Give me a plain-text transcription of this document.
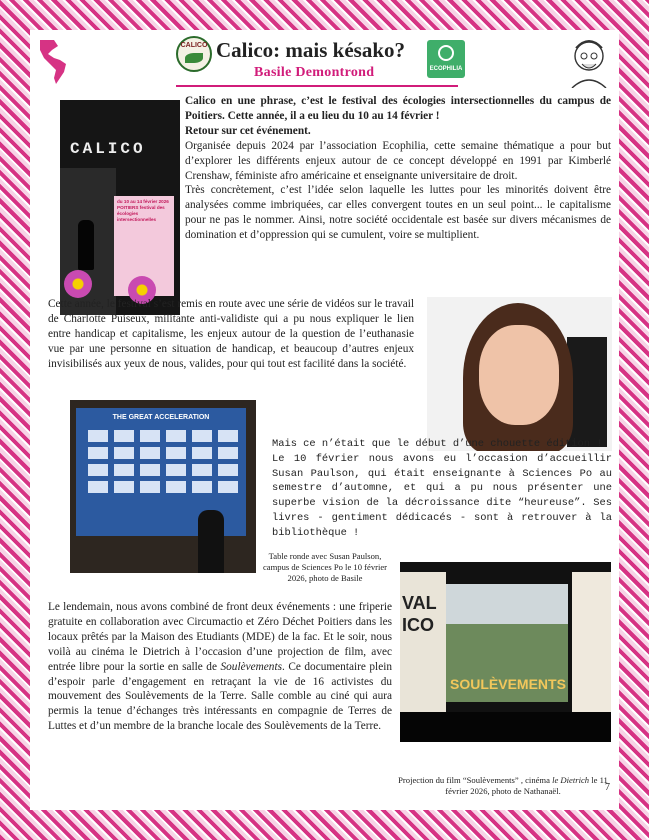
CALICO Calico: mais késako?
Basile Demontrond	ECOPHILIA
CALICO
du 10 au 14 février 2026 POITIERS festival des écologies intersectionnelles

Calico en une phrase, c’est le festival des écologies intersectionnelles du campus de Poitiers. Cette année, il a eu lieu du 10 au 14 février !

Retour sur cet événement.

Organisée depuis 2024 par l’association Ecophilia, cette semaine thématique a pour but d’explorer les différents enjeux autour de ce concept développé en 1991 par Kimberlé Crenshaw, féministe afro américaine et enseignante universitaire de droit.

Très concrètement, c’est l’idée selon laquelle les luttes pour les minorités doivent être analysées comme imbriquées, car elles convergent toutes en un seul point... le capitalisme pour ne pas le nommer. Ainsi, notre société occidentale est basée sur divers mécanismes de domination et d’oppression qui se cumulent, voire se multiplient.

Cette année, le festival s’est remis en route avec une série de vidéos sur le travail de Charlotte Puiseux, militante anti-validiste qui a pu nous expliquer le lien entre handicap et capitalisme, les enjeux autour de la question de l’euthanasie vue par une personne en situation de handicap, et beaucoup d’autres enjeux invisibilisés aux yeux de nous, valides, pour qui tout est facilité dans la société.

THE GREAT ACCELERATION

Mais ce n’était que le début d’une chouette édition !

Le 10 février nous avons eu l’occasion d’accueillir Susan Paulson, qui était enseignante à Sciences Po au semestre d’automne, et qui a pu nous présenter une superbe vision de la décroissance dite “heureuse”. Ses livres - gentiment dédicacés - sont à retrouver à la bibliothèque !

Table ronde avec Susan Paulson, campus de Sciences Po le 10 février 2026, photo de Basile
VAL ICO
SOULÈVEMENTS

Le lendemain, nous avons combiné de front deux événements : une friperie gratuite en collaboration avec Circumactio et Zéro Déchet Poitiers dans les locaux prêtés par la Maison des Etudiants (MDE) de la fac. Et le soir, nous voilà au cinéma le Dietrich à l’occasion d’une projection de film, avec entrée libre pour la sortie en salle de Soulèvements. Ce documentaire plein d’espoir parle d’engagement en retraçant la vie de 16 activistes du mouvement des Soulèvements de la Terre. Salle comble au ciné qui aura permis la tenue d’échanges très intéressants en compagnie de Terres de Luttes et d’un membre de la branche locale des Soulèvements de la Terre.

Projection du film “Soulèvements” , cinéma le Dietrich le 11 février 2026, photo de Nathanaël.	7
